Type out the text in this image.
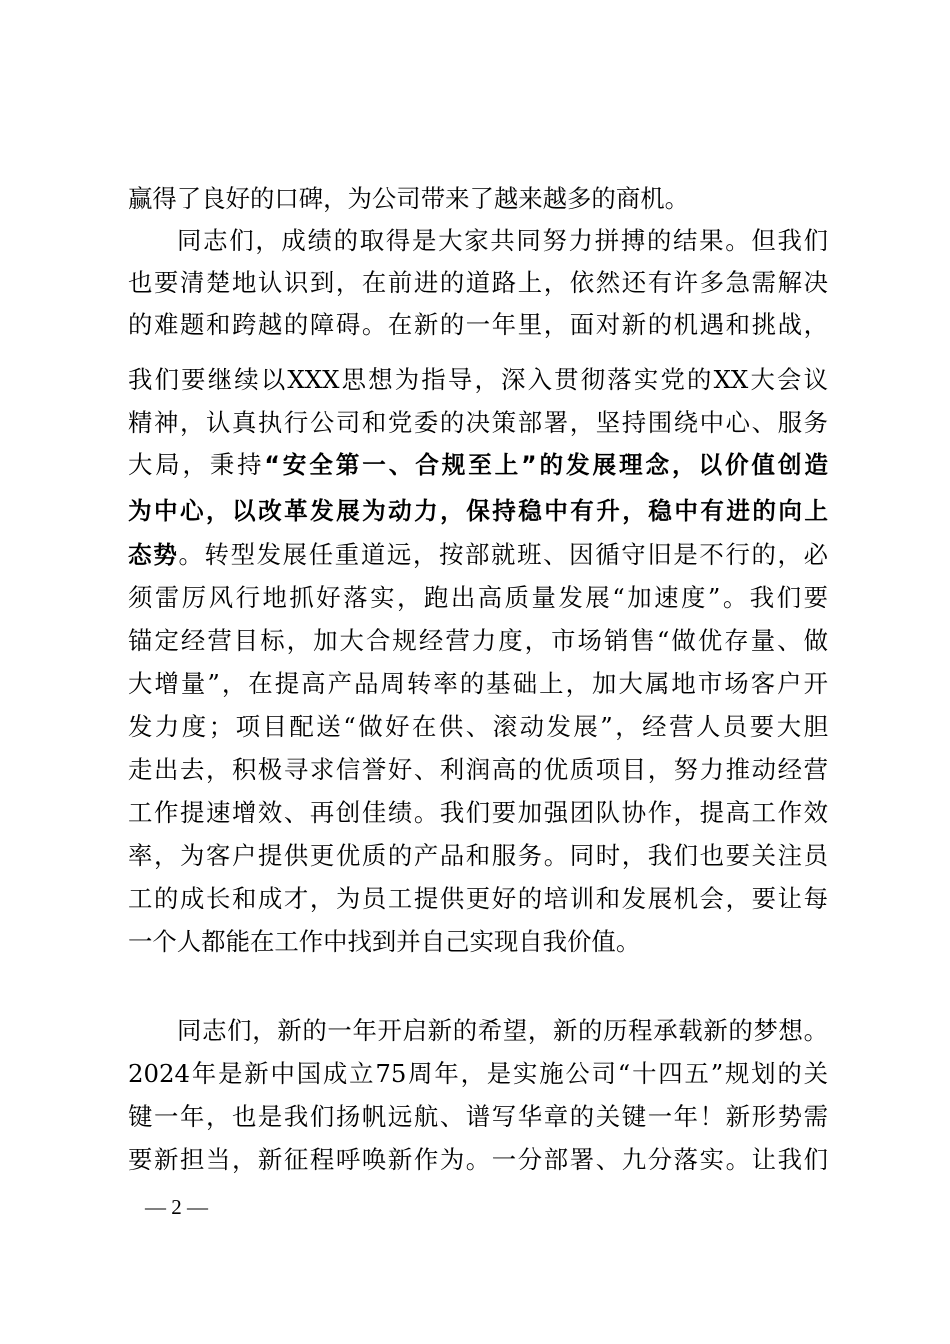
赢得了良好的口碑，为公司带来了越来越多的商机。
同志们，成绩的取得是大家共同努力拼搏的结果。但我们
也要清楚地认识到，在前进的道路上，依然还有许多急需解决
的难题和跨越的障碍。在新的一年里，面对新的机遇和挑战，
我们要继续以XXX思想为指导，深入贯彻落实党的XX大会议
精神，认真执行公司和党委的决策部署，坚持围绕中心、服务
大局，秉持“安全第一、合规至上”的发展理念，以价值创造
为中心，以改革发展为动力，保持稳中有升，稳中有进的向上
态势。转型发展任重道远，按部就班、因循守旧是不行的，必
须雷厉风行地抓好落实，跑出高质量发展“加速度”。我们要
锚定经营目标，加大合规经营力度，市场销售“做优存量、做
大增量”，在提高产品周转率的基础上，加大属地市场客户开
发力度；项目配送“做好在供、滚动发展”，经营人员要大胆
走出去，积极寻求信誉好、利润高的优质项目，努力推动经营
工作提速增效、再创佳绩。我们要加强团队协作，提高工作效
率，为客户提供更优质的产品和服务。同时，我们也要关注员
工的成长和成才，为员工提供更好的培训和发展机会，要让每
一个人都能在工作中找到并自己实现自我价值。
同志们，新的一年开启新的希望，新的历程承载新的梦想。
2024年是新中国成立75周年，是实施公司“十四五”规划的关
键一年，也是我们扬帆远航、谱写华章的关键一年！新形势需
要新担当，新征程呼唤新作为。一分部署、九分落实。让我们
— 2 —
